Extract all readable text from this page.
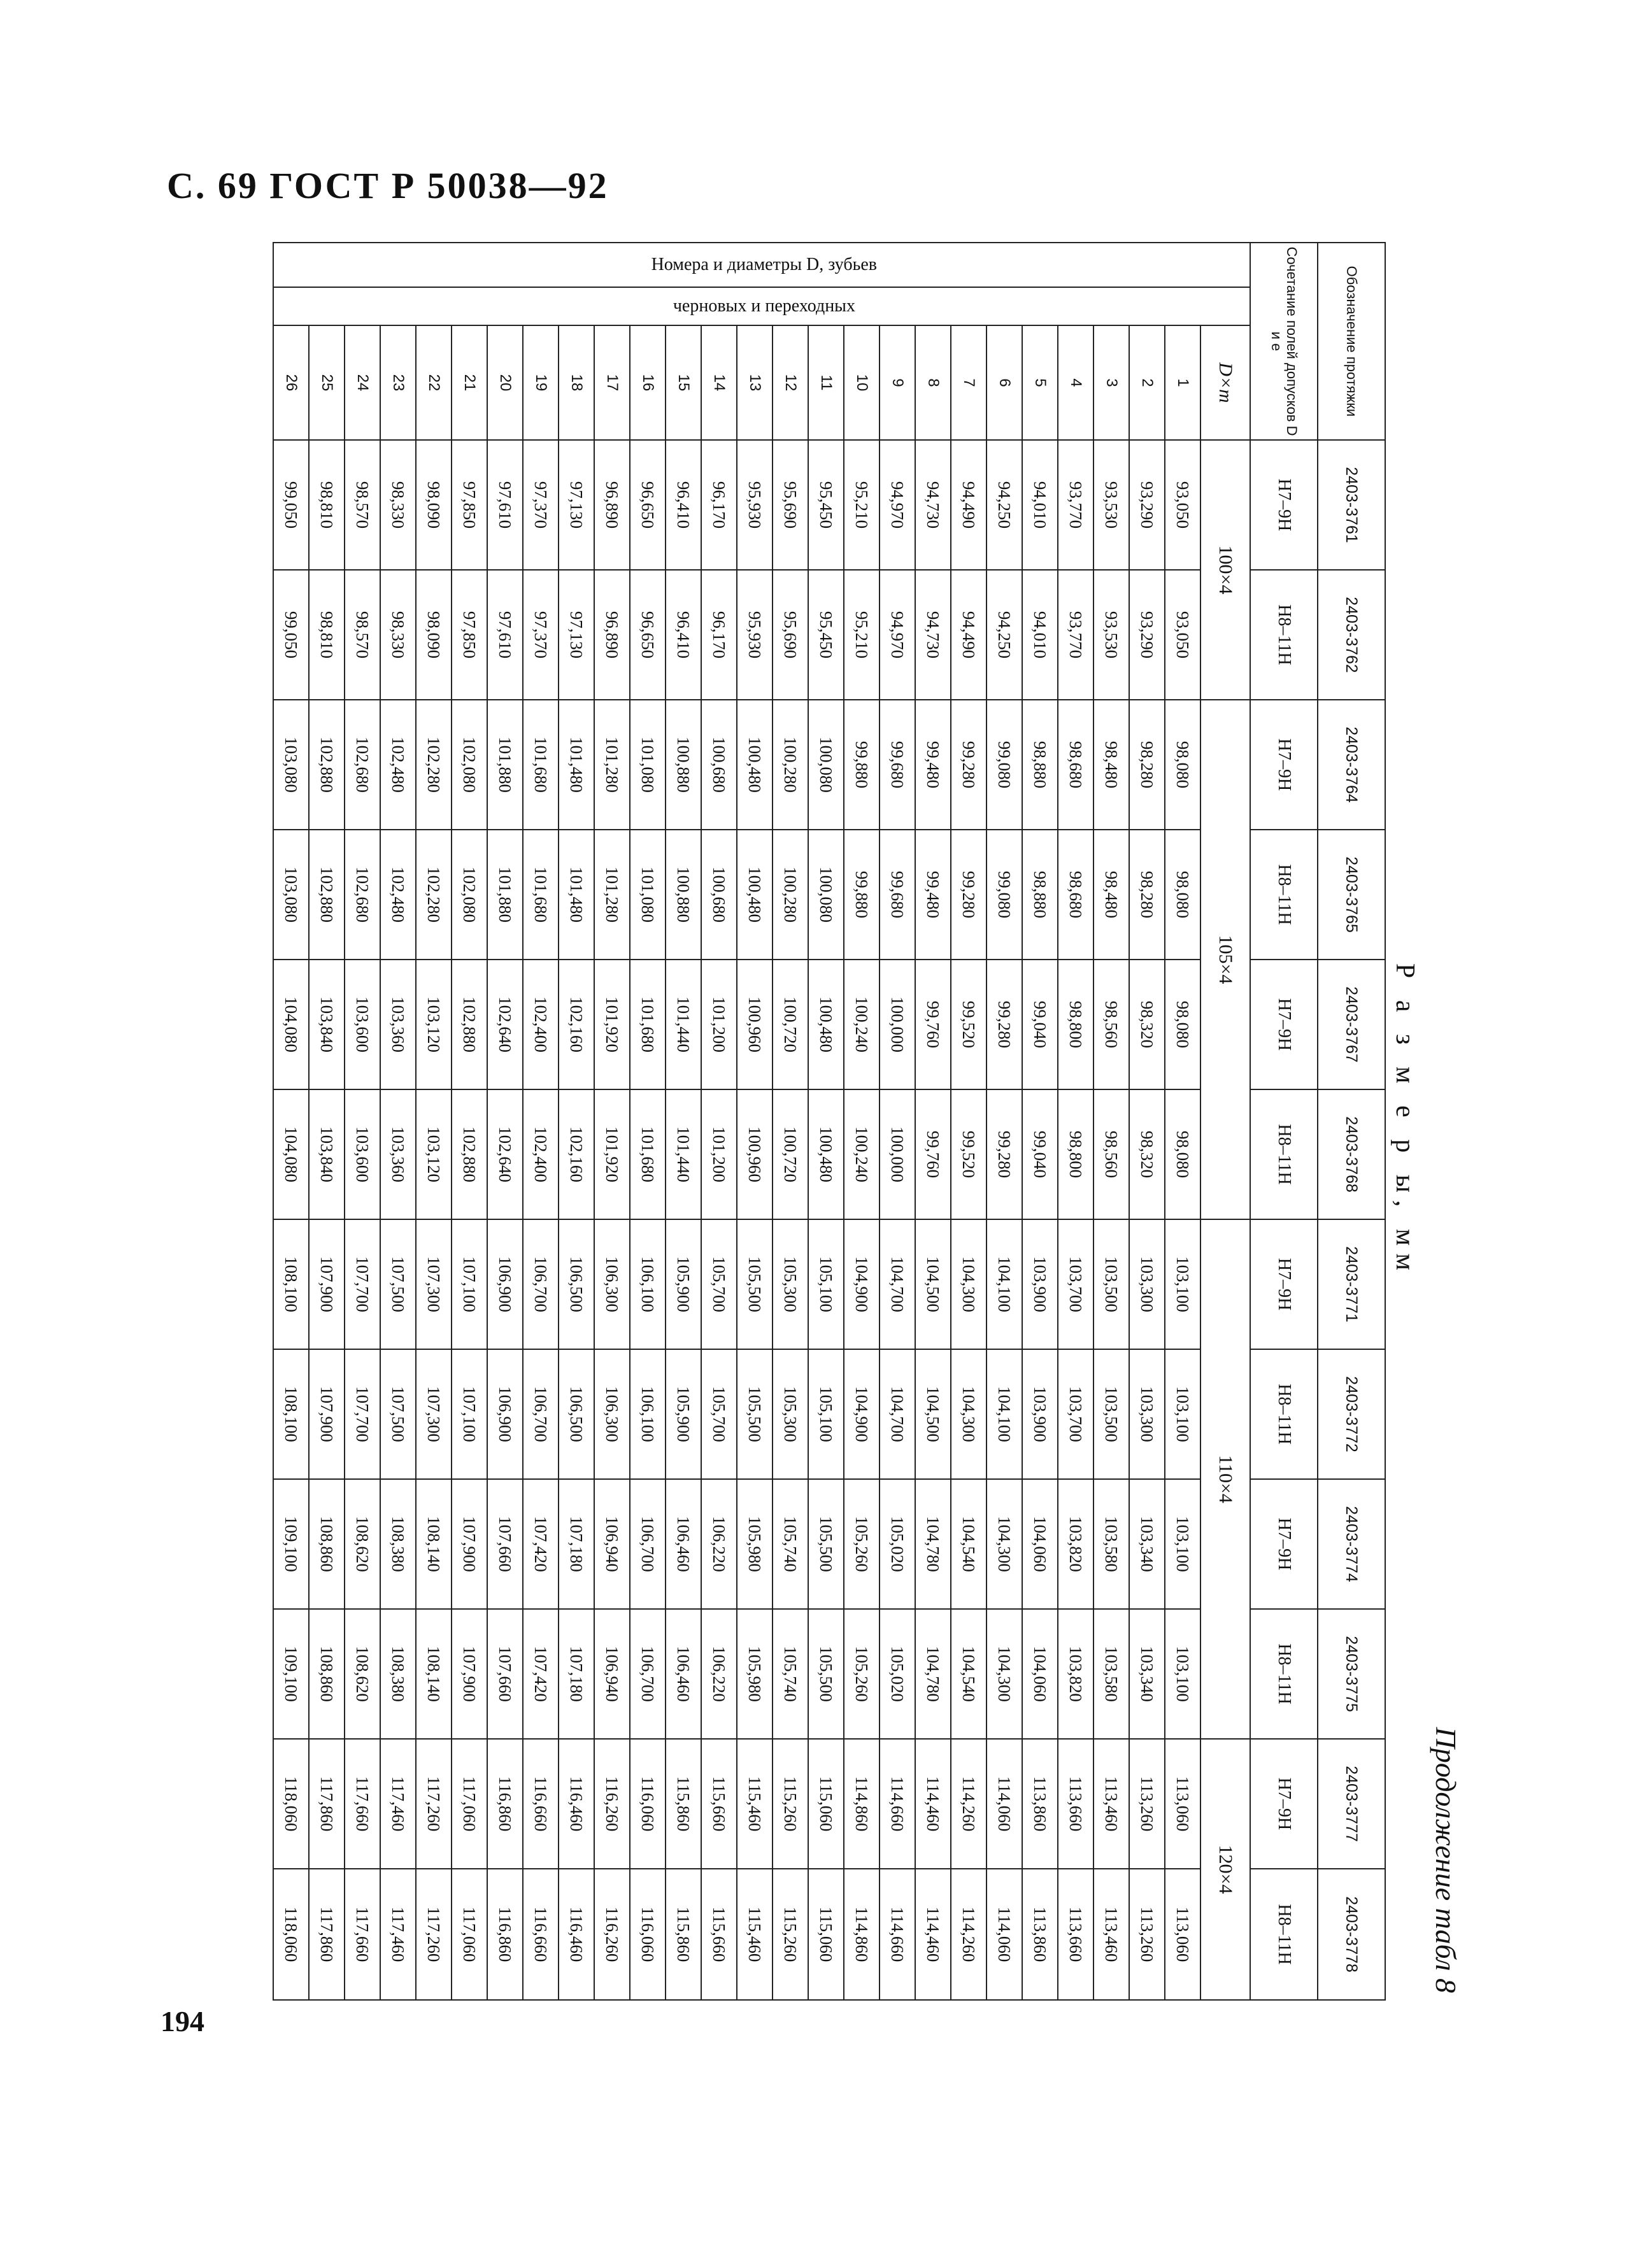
С. 69 ГОСТ Р 50038—92
Продолжение табл 8
Р а з м е р ы, мм
Обозначение протяжки			2403-3761	2403-3762	2403-3764	2403-3765	2403-3767	2403-3768	2403-3771	2403-3772	2403-3774	2403-3775	2403-3777	2403-3778
Сочетание полей допусков D и e			H7–9H	H8–11H	H7–9H	H8–11H	H7–9H	H8–11H	H7–9H	H8–11H	H7–9H	H8–11H	H7–9H	H8–11H
Номера и диаметры D, зубьев	черновых и переходных	D×m	100×4		105×4				110×4				120×4	
		1	93,050	93,050	98,080	98,080	98,080	98,080	103,100	103,100	103,100	103,100	113,060	113,060
		2	93,290	93,290	98,280	98,280	98,320	98,320	103,300	103,300	103,340	103,340	113,260	113,260
		3	93,530	93,530	98,480	98,480	98,560	98,560	103,500	103,500	103,580	103,580	113,460	113,460
		4	93,770	93,770	98,680	98,680	98,800	98,800	103,700	103,700	103,820	103,820	113,660	113,660
		5	94,010	94,010	98,880	98,880	99,040	99,040	103,900	103,900	104,060	104,060	113,860	113,860
		6	94,250	94,250	99,080	99,080	99,280	99,280	104,100	104,100	104,300	104,300	114,060	114,060
		7	94,490	94,490	99,280	99,280	99,520	99,520	104,300	104,300	104,540	104,540	114,260	114,260
		8	94,730	94,730	99,480	99,480	99,760	99,760	104,500	104,500	104,780	104,780	114,460	114,460
		9	94,970	94,970	99,680	99,680	100,000	100,000	104,700	104,700	105,020	105,020	114,660	114,660
		10	95,210	95,210	99,880	99,880	100,240	100,240	104,900	104,900	105,260	105,260	114,860	114,860
		11	95,450	95,450	100,080	100,080	100,480	100,480	105,100	105,100	105,500	105,500	115,060	115,060
		12	95,690	95,690	100,280	100,280	100,720	100,720	105,300	105,300	105,740	105,740	115,260	115,260
		13	95,930	95,930	100,480	100,480	100,960	100,960	105,500	105,500	105,980	105,980	115,460	115,460
		14	96,170	96,170	100,680	100,680	101,200	101,200	105,700	105,700	106,220	106,220	115,660	115,660
		15	96,410	96,410	100,880	100,880	101,440	101,440	105,900	105,900	106,460	106,460	115,860	115,860
		16	96,650	96,650	101,080	101,080	101,680	101,680	106,100	106,100	106,700	106,700	116,060	116,060
		17	96,890	96,890	101,280	101,280	101,920	101,920	106,300	106,300	106,940	106,940	116,260	116,260
		18	97,130	97,130	101,480	101,480	102,160	102,160	106,500	106,500	107,180	107,180	116,460	116,460
		19	97,370	97,370	101,680	101,680	102,400	102,400	106,700	106,700	107,420	107,420	116,660	116,660
		20	97,610	97,610	101,880	101,880	102,640	102,640	106,900	106,900	107,660	107,660	116,860	116,860
		21	97,850	97,850	102,080	102,080	102,880	102,880	107,100	107,100	107,900	107,900	117,060	117,060
		22	98,090	98,090	102,280	102,280	103,120	103,120	107,300	107,300	108,140	108,140	117,260	117,260
		23	98,330	98,330	102,480	102,480	103,360	103,360	107,500	107,500	108,380	108,380	117,460	117,460
		24	98,570	98,570	102,680	102,680	103,600	103,600	107,700	107,700	108,620	108,620	117,660	117,660
		25	98,810	98,810	102,880	102,880	103,840	103,840	107,900	107,900	108,860	108,860	117,860	117,860
		26	99,050	99,050	103,080	103,080	104,080	104,080	108,100	108,100	109,100	109,100	118,060	118,060
194
